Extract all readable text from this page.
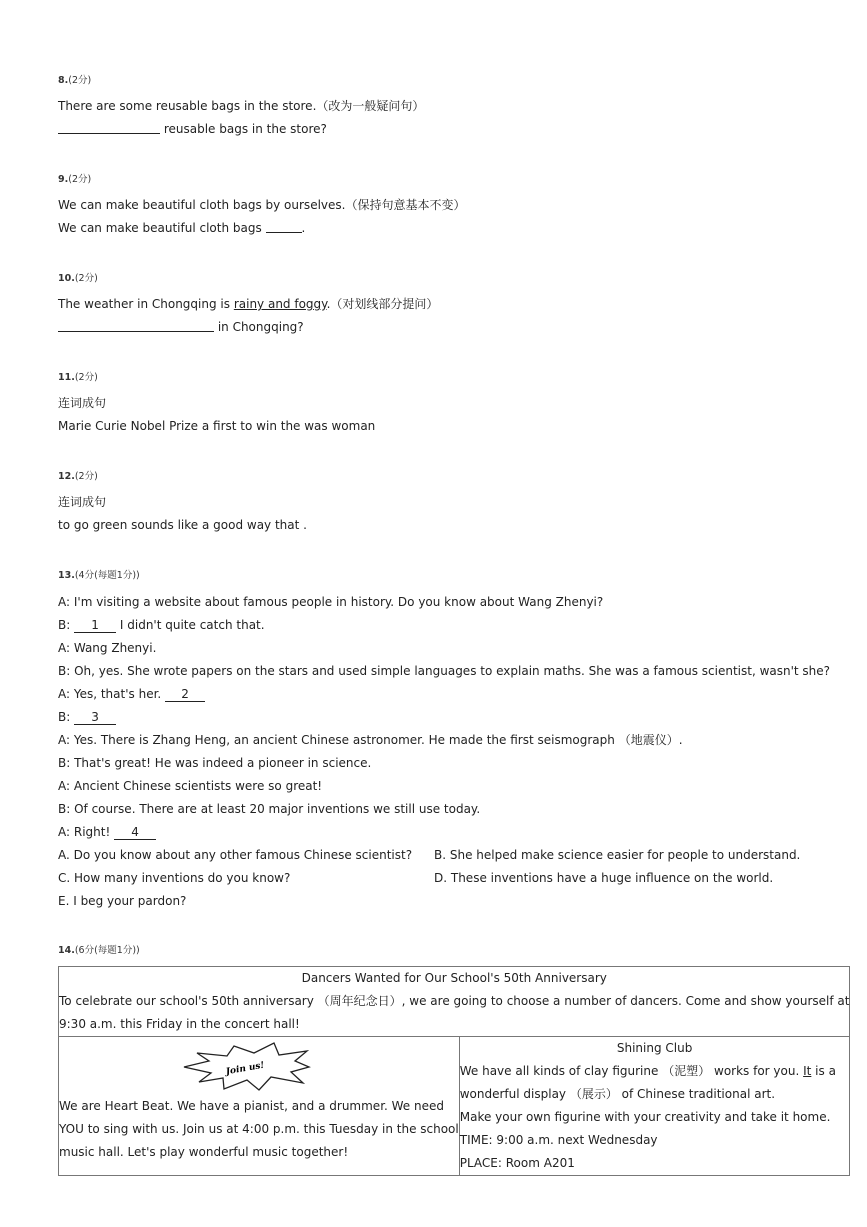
8.(2分)
There are some reusable bags in the store.（改为一般疑问句）
reusable bags in the store?
9.(2分)
We can make beautiful cloth bags by ourselves.（保持句意基本不变）
We can make beautiful cloth bags	.
10.(2分)
The weather in Chongqing is rainy and foggy.（对划线部分提问）
in Chongqing?
11.(2分)
连词成句
Marie Curie Nobel Prize a first to win the was woman
12.(2分)
连词成句
to go green sounds like a good way that .
13.(4分(每题1分))
A: I'm visiting a website about famous people in history. Do you know about Wang Zhenyi?
B: 1 I didn't quite catch that.
A: Wang Zhenyi.
B: Oh, yes. She wrote papers on the stars and used simple languages to explain maths. She was a famous scientist, wasn't she?
A: Yes, that's her. 2
B: 3
A: Yes. There is Zhang Heng, an ancient Chinese astronomer. He made the first seismograph （地震仪）.
B: That's great! He was indeed a pioneer in science.
A: Ancient Chinese scientists were so great!
B: Of course. There are at least 20 major inventions we still use today.
A: Right! 4
A. Do you know about any other famous Chinese scientist? B. She helped make science easier for people to understand.
C. How many inventions do you know?	D. These inventions have a huge influence on the world.
E. I beg your pardon?
14.(6分(每题1分))
Dancers Wanted for Our School's 50th Anniversary
To celebrate our school's 50th anniversary （周年纪念日）, we are going to choose a number of dancers. Come and show yourself at
9:30 a.m. this Friday in the concert hall!

Join us!
We are Heart Beat. We have a pianist, and a drummer. We need
YOU to sing with us. Join us at 4:00 p.m. this Tuesday in the school
music hall. Let's play wonderful music together!

Shining Club
We have all kinds of clay figurine （泥塑） works for you. It is a
wonderful display （展示） of Chinese traditional art.
Make your own figurine with your creativity and take it home.
TIME: 9:00 a.m. next Wednesday
PLACE: Room A201
